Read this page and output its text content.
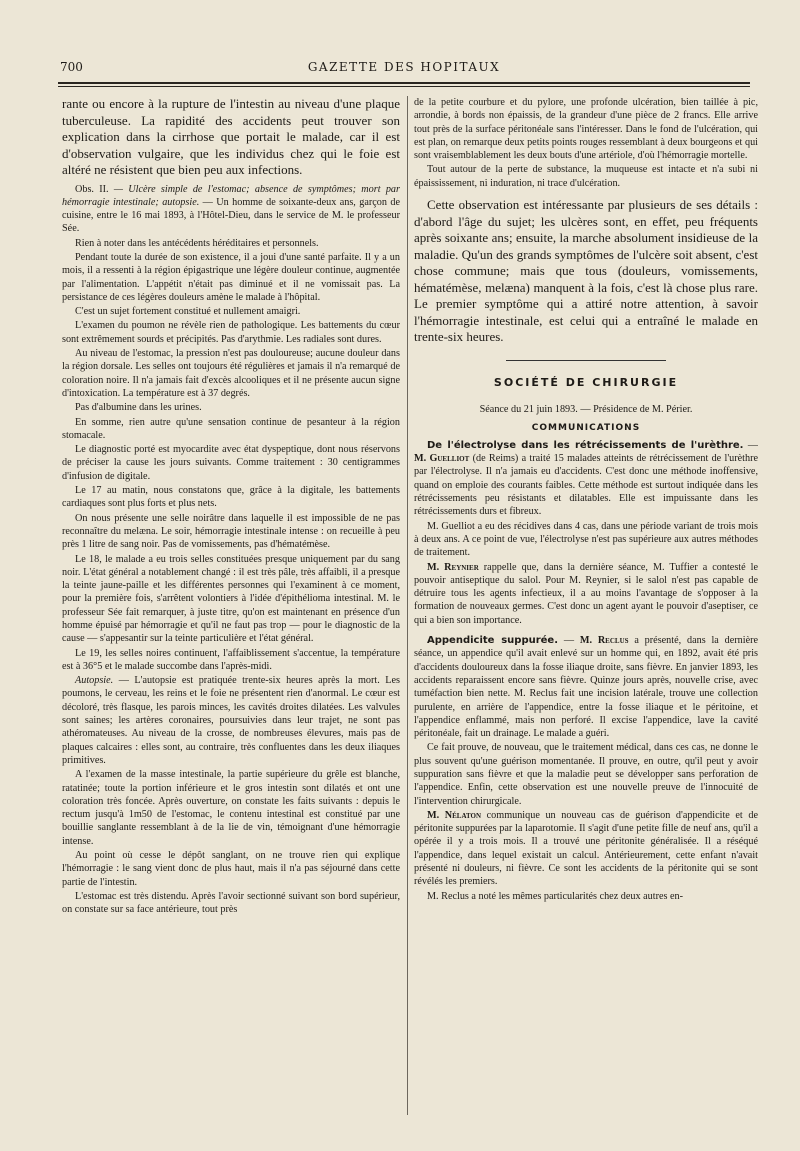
700	GAZETTE DES HOPITAUX

rante ou encore à la rupture de l'intestin au niveau d'une plaque tuberculeuse. La rapidité des accidents peut trouver son explication dans la cirrhose que portait le malade, car il est d'observation vulgaire, que les individus chez qui le foie est altéré ne résistent que bien peu aux infections.

Obs. II. — Ulcère simple de l'estomac; absence de symptômes; mort par hémorragie intestinale; autopsie. — Un homme de soixante-deux ans, garçon de cuisine, entre le 16 mai 1893, à l'Hôtel-Dieu, dans le service de M. le professeur Sée.

Rien à noter dans les antécédents héréditaires et personnels.

Pendant toute la durée de son existence, il a joui d'une santé parfaite. Il y a un mois, il a ressenti à la région épigastrique une légère douleur continue, augmentée par l'alimentation. L'appétit n'était pas diminué et il ne vomissait pas. La persistance de ces légères douleurs amène le malade à l'hôpital.

C'est un sujet fortement constitué et nullement amaigri.

L'examen du poumon ne révèle rien de pathologique. Les battements du cœur sont extrêmement sourds et précipités. Pas d'arythmie. Les radiales sont dures.

Au niveau de l'estomac, la pression n'est pas douloureuse; aucune douleur dans la région dorsale. Les selles ont toujours été régulières et jamais il n'a remarqué de coloration noire. Il n'a jamais fait d'excès alcooliques et il ne présente aucun signe d'intoxication. La température est à 37 degrés.

Pas d'albumine dans les urines.

En somme, rien autre qu'une sensation continue de pesanteur à la région stomacale.

Le diagnostic porté est myocardite avec état dyspeptique, dont nous réservons de préciser la cause les jours suivants. Comme traitement : 30 centigrammes d'infusion de digitale.

Le 17 au matin, nous constatons que, grâce à la digitale, les battements cardiaques sont plus forts et plus nets.

On nous présente une selle noirâtre dans laquelle il est impossible de ne pas reconnaître du melæna. Le soir, hémorragie intestinale intense : on recueille à peu près 1 litre de sang noir. Pas de vomissements, pas d'hématémèse.

Le 18, le malade a eu trois selles constituées presque uniquement par du sang noir. L'état général a notablement changé : il est très pâle, très affaibli, il a presque la teinte jaune-paille et les différentes personnes qui l'examinent à ce moment, pour la première fois, s'arrêtent volontiers à l'idée d'épithélioma intestinal. M. le professeur Sée fait remarquer, à juste titre, qu'on est maintenant en présence d'un homme épuisé par hémorragie et qu'il ne faut pas trop — pour le diagnostic de la cause — s'appesantir sur la teinte particulière et l'état général.

Le 19, les selles noires continuent, l'affaiblissement s'accentue, la température est à 36°5 et le malade succombe dans l'après-midi.

Autopsie. — L'autopsie est pratiquée trente-six heures après la mort. Les poumons, le cerveau, les reins et le foie ne présentent rien d'anormal. Le cœur est décoloré, très flasque, les parois minces, les cavités droites dilatées. Les valvules sont saines; les artères coronaires, poursuivies dans leur trajet, ne sont pas athéromateuses. Au niveau de la crosse, de nombreuses élevures, mais pas de plaques calcaires : elles sont, au contraire, très confluentes dans les deux iliaques primitives.

A l'examen de la masse intestinale, la partie supérieure du grêle est blanche, ratatinée; toute la portion inférieure et le gros intestin sont dilatés et ont une coloration très foncée. Après ouverture, on constate les faits suivants : depuis le rectum jusqu'à 1m50 de l'estomac, le contenu intestinal est constitué par une bouillie sanglante ressemblant à de la lie de vin, témoignant d'une hémorragie intense.

Au point où cesse le dépôt sanglant, on ne trouve rien qui explique l'hémorragie : le sang vient donc de plus haut, mais il n'a pas séjourné dans cette partie de l'intestin.

L'estomac est très distendu. Après l'avoir sectionné suivant son bord supérieur, on constate sur sa face antérieure, tout près

de la petite courbure et du pylore, une profonde ulcération, bien taillée à pic, arrondie, à bords non épaissis, de la grandeur d'une pièce de 2 francs. Elle arrive tout près de la surface péritonéale sans l'intéresser. Dans le fond de l'ulcération, qui est plan, on remarque deux petits points rouges ressemblant à deux bourgeons et qui sont vraisemblablement les deux bouts d'une artériole, d'où l'hémorragie mortelle.

Tout autour de la perte de substance, la muqueuse est intacte et n'a subi ni épaississement, ni induration, ni trace d'ulcération.

Cette observation est intéressante par plusieurs de ses détails : d'abord l'âge du sujet; les ulcères sont, en effet, peu fréquents après soixante ans; ensuite, la marche absolument insidieuse de la maladie. Qu'un des grands symptômes de l'ulcère soit absent, c'est chose commune; mais que tous (douleurs, vomissements, hématémèse, melæna) manquent à la fois, c'est là chose plus rare. Le premier symptôme qui a attiré notre attention, à savoir l'hémorragie intestinale, est celui qui a entraîné le malade en trente-six heures.

SOCIÉTÉ DE CHIRURGIE

Séance du 21 juin 1893. — Présidence de M. Périer.

COMMUNICATIONS

De l'électrolyse dans les rétrécissements de l'urèthre. — M. Guelliot (de Reims) a traité 15 malades atteints de rétrécissement de l'urèthre par l'électrolyse. Il n'a jamais eu d'accidents. C'est donc une méthode inoffensive, quand on emploie des courants faibles. Cette méthode est surtout indiquée dans les rétrécissements peu résistants et dilatables. Elle est impuissante dans les rétrécissements durs et fibreux.

M. Guelliot a eu des récidives dans 4 cas, dans une période variant de trois mois à deux ans. A ce point de vue, l'électrolyse n'est pas supérieure aux autres méthodes de traitement.

M. Reynier rappelle que, dans la dernière séance, M. Tuffier a contesté le pouvoir antiseptique du salol. Pour M. Reynier, si le salol n'est pas capable de détruire tous les agents infectieux, il a au moins l'avantage de s'opposer à la formation de nouveaux germes. C'est donc un agent ayant le pouvoir d'aseptiser, ce qui a bien son importance.

Appendicite suppurée. — M. Reclus a présenté, dans la dernière séance, un appendice qu'il avait enlevé sur un homme qui, en 1892, avait été pris d'accidents douloureux dans la fosse iliaque droite, sans fièvre. En janvier 1893, les accidents reparaissent encore sans fièvre. Quinze jours après, nouvelle crise, avec tuméfaction bien nette. M. Reclus fait une incision latérale, trouve une collection purulente, en arrière de l'appendice, entre la fosse iliaque et le péritoine, et l'appendice enflammé, mais non perforé. Il excise l'appendice, lave la cavité péritonéale, fait un drainage. Le malade a guéri.

Ce fait prouve, de nouveau, que le traitement médical, dans ces cas, ne donne le plus souvent qu'une guérison momentanée. Il prouve, en outre, qu'il peut y avoir suppuration sans fièvre et que la maladie peut se développer sans perforation de l'appendice. Enfin, cette observation est une nouvelle preuve de l'innocuité de l'intervention chirurgicale.

M. Nélaton communique un nouveau cas de guérison d'appendicite et de péritonite suppurées par la laparotomie. Il s'agit d'une petite fille de neuf ans, qu'il a opérée il y a trois mois. Il a trouvé une péritonite généralisée. Il a réséqué l'appendice, dans lequel existait un calcul. Antérieurement, cette enfant n'avait présenté ni douleurs, ni fièvre. Ce sont les accidents de la péritonite qui se sont révélés les premiers.

M. Reclus a noté les mêmes particularités chez deux autres en-
